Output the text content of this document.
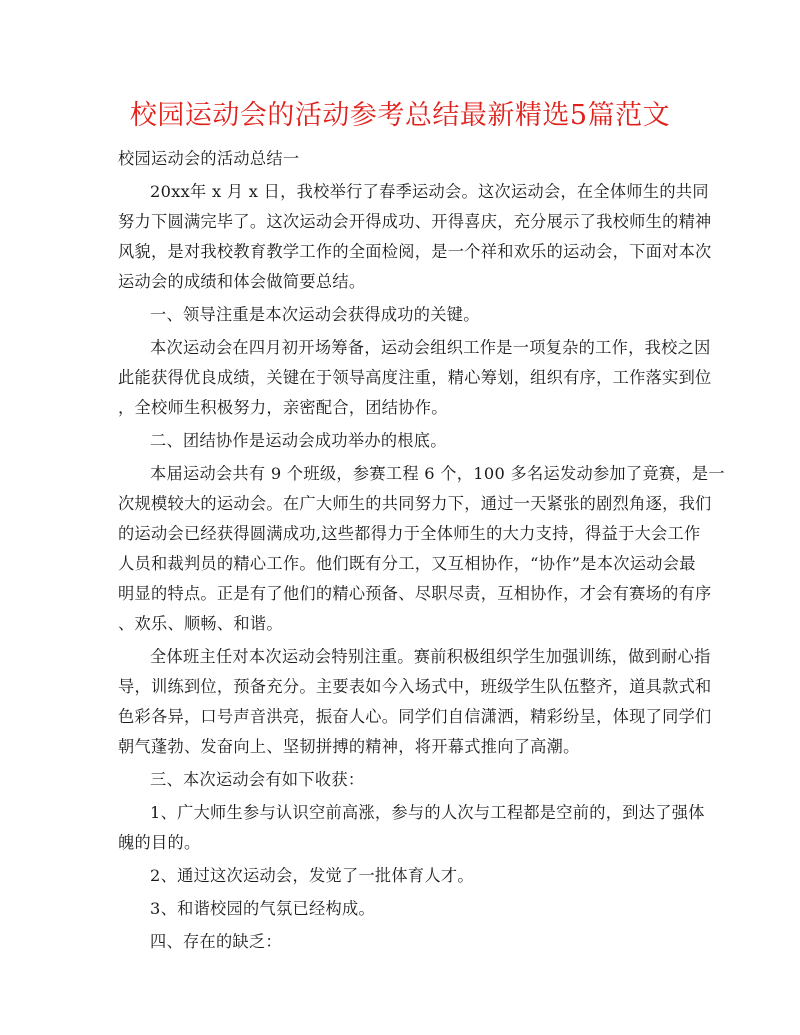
校园运动会的活动参考总结最新精选5篇范文
校园运动会的活动总结一
20xx年 x 月 x 日，我校举行了春季运动会。这次运动会，在全体师生的共同
努力下圆满完毕了。这次运动会开得成功、开得喜庆，充分展示了我校师生的精神
风貌，是对我校教育教学工作的全面检阅，是一个祥和欢乐的运动会，下面对本次
运动会的成绩和体会做简要总结。
一、领导注重是本次运动会获得成功的关键。
本次运动会在四月初开场筹备，运动会组织工作是一项复杂的工作，我校之因
此能获得优良成绩，关键在于领导高度注重，精心筹划，组织有序，工作落实到位
，全校师生积极努力，亲密配合，团结协作。
二、团结协作是运动会成功举办的根底。
本届运动会共有 9 个班级，参赛工程 6 个，100 多名运发动参加了竟赛，是一
次规模较大的运动会。在广大师生的共同努力下，通过一天紧张的剧烈角逐，我们
的运动会已经获得圆满成功,这些都得力于全体师生的大力支持，得益于大会工作
人员和裁判员的精心工作。他们既有分工，又互相协作，“协作”是本次运动会最
明显的特点。正是有了他们的精心预备、尽职尽责，互相协作，才会有赛场的有序
、欢乐、顺畅、和谐。
全体班主任对本次运动会特别注重。赛前积极组织学生加强训练，做到耐心指
导，训练到位，预备充分。主要表如今入场式中，班级学生队伍整齐，道具款式和
色彩各异，口号声音洪亮，振奋人心。同学们自信潇洒，精彩纷呈，体现了同学们
朝气蓬勃、发奋向上、坚韧拼搏的精神，将开幕式推向了高潮。
三、本次运动会有如下收获：
1、广大师生参与认识空前高涨，参与的人次与工程都是空前的，到达了强体
魄的目的。
2、通过这次运动会，发觉了一批体育人才。
3、和谐校园的气氛已经构成。
四、存在的缺乏：
